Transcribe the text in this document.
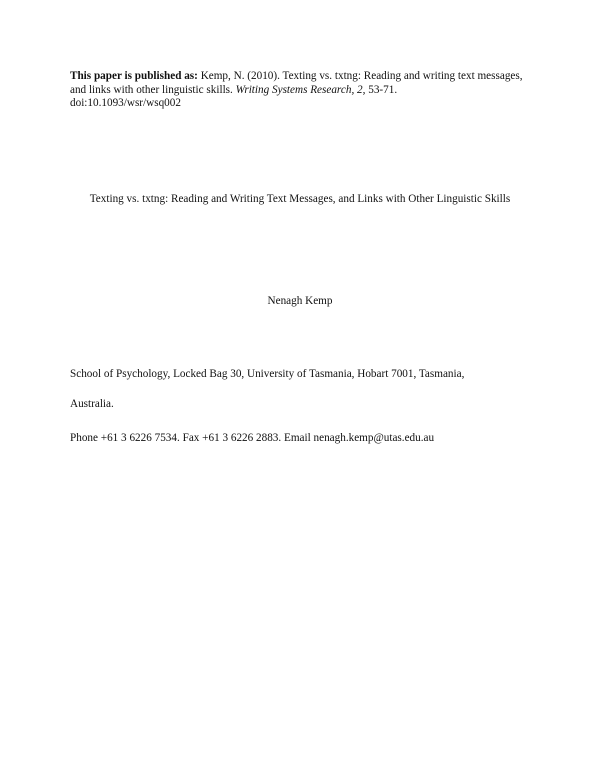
This paper is published as: Kemp, N. (2010). Texting vs. txtng: Reading and writing text messages, and links with other linguistic skills. Writing Systems Research, 2, 53-71.
doi:10.1093/wsr/wsq002
Texting vs. txtng: Reading and Writing Text Messages, and Links with Other Linguistic Skills
Nenagh Kemp
School of Psychology, Locked Bag 30, University of Tasmania, Hobart 7001, Tasmania,
Australia.
Phone +61 3 6226 7534. Fax +61 3 6226 2883. Email nenagh.kemp@utas.edu.au
